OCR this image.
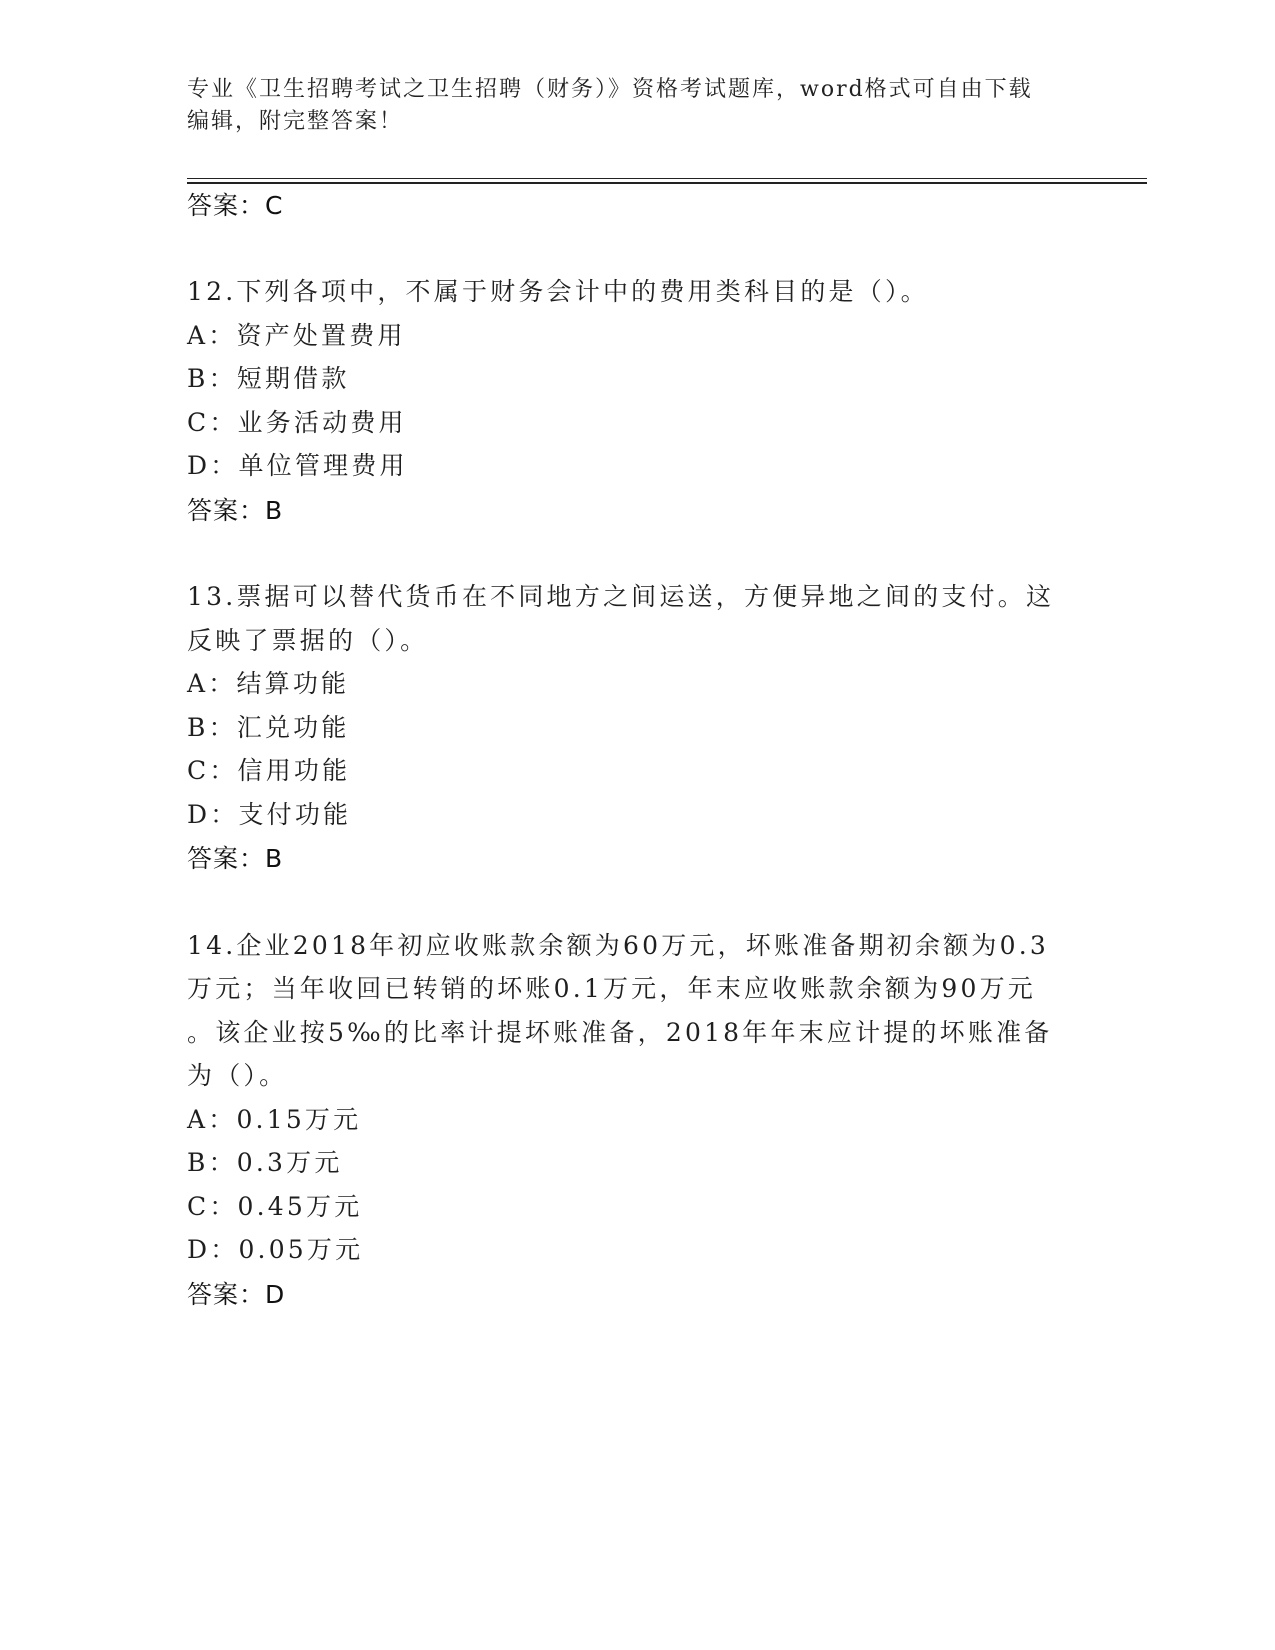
专业《卫生招聘考试之卫生招聘（财务）》资格考试题库，word格式可自由下载
编辑，附完整答案！
答案：C
12.下列各项中，不属于财务会计中的费用类科目的是（）。
A：资产处置费用
B：短期借款
C：业务活动费用
D：单位管理费用
答案：B
13.票据可以替代货币在不同地方之间运送，方便异地之间的支付。这
反映了票据的（）。
A：结算功能
B：汇兑功能
C：信用功能
D：支付功能
答案：B
14.企业2018年初应收账款余额为60万元，坏账准备期初余额为0.3
万元；当年收回已转销的坏账0.1万元，年末应收账款余额为90万元
。该企业按5‰的比率计提坏账准备，2018年年末应计提的坏账准备
为（）。
A：0.15万元
B：0.3万元
C：0.45万元
D：0.05万元
答案：D
